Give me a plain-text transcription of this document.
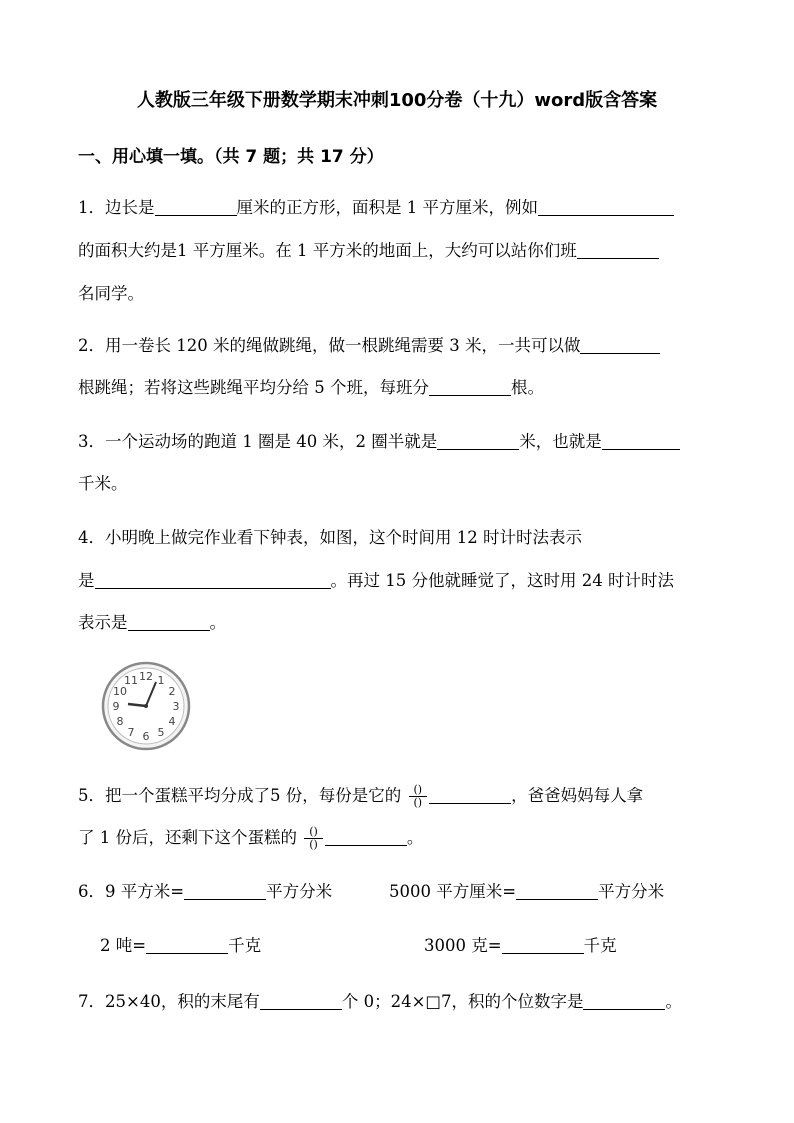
人教版三年级下册数学期末冲刺100分卷（十九）word版含答案
一、用心填一填。（共 7 题；共 17 分）
1．边长是	厘米的正方形，面积是 1 平方厘米，例如
的面积大约是1 平方厘米。在 1 平方米的地面上，大约可以站你们班
名同学。
2．用一卷长 120 米的绳做跳绳，做一根跳绳需要 3 米，一共可以做
根跳绳；若将这些跳绳平均分给 5 个班，每班分	根。
3．一个运动场的跑道 1 圈是 40 米，2 圈半就是	米，也就是
千米。
4．小明晚上做完作业看下钟表，如图，这个时间用 12 时计时法表示
是	。再过 15 分他就睡觉了，这时用 24 时计时法
表示是	。
12 1
2
3
4
5
6
7
8
9
10
11
5．把一个蛋糕平均分成了5 份，每份是它的 $\frac{()}{()}$	，爸爸妈妈每人拿
了 1 份后，还剩下这个蛋糕的 $\frac{()}{()}$	。
6．9 平方米=	平方分米	5000 平方厘米=	平方分米
2 吨=	千克	3000 克=	千克
7．25×40，积的末尾有	个 0；24×□7，积的个位数字是	。
